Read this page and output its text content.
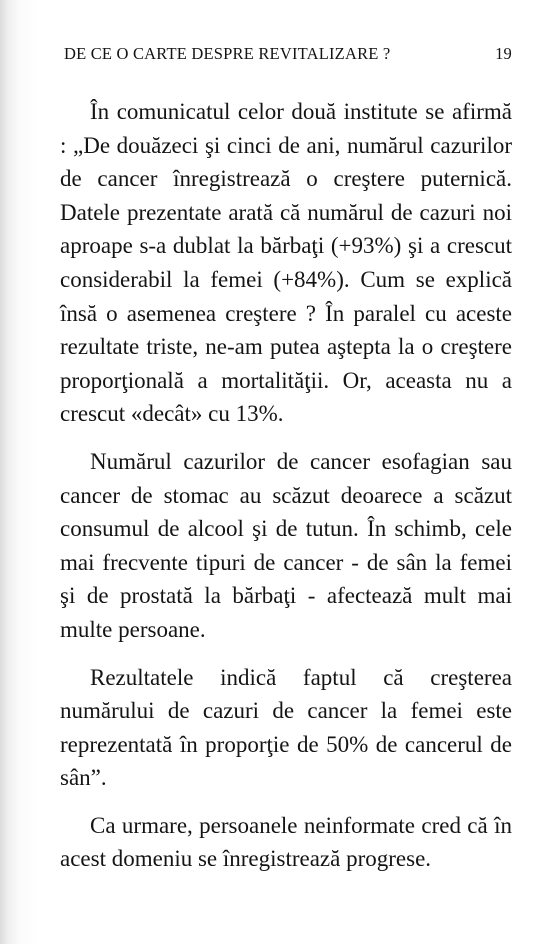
DE CE O CARTE DESPRE REVITALIZARE ?	19

În comunicatul celor două institute se afirmă : „De douăzeci şi cinci de ani, numărul cazurilor de cancer înregistrează o creştere puternică. Datele prezentate arată că numărul de cazuri noi aproape s-a dublat la bărbaţi (+93%) şi a crescut considerabil la femei (+84%). Cum se explică însă o asemenea creştere ? În paralel cu aceste rezultate triste, ne-am putea aştepta la o creştere proporţională a mortalităţii. Or, aceasta nu a crescut «decât» cu 13%.

Numărul cazurilor de cancer esofagian sau cancer de stomac au scăzut deoarece a scăzut consumul de alcool şi de tutun. În schimb, cele mai frecvente tipuri de cancer - de sân la femei şi de prostată la bărbaţi - afectează mult mai multe persoane.

Rezultatele indică faptul că creşterea numărului de cazuri de cancer la femei este reprezentată în proporţie de 50% de cancerul de sân”.

Ca urmare, persoanele neinformate cred că în acest domeniu se înregistrează progrese.
